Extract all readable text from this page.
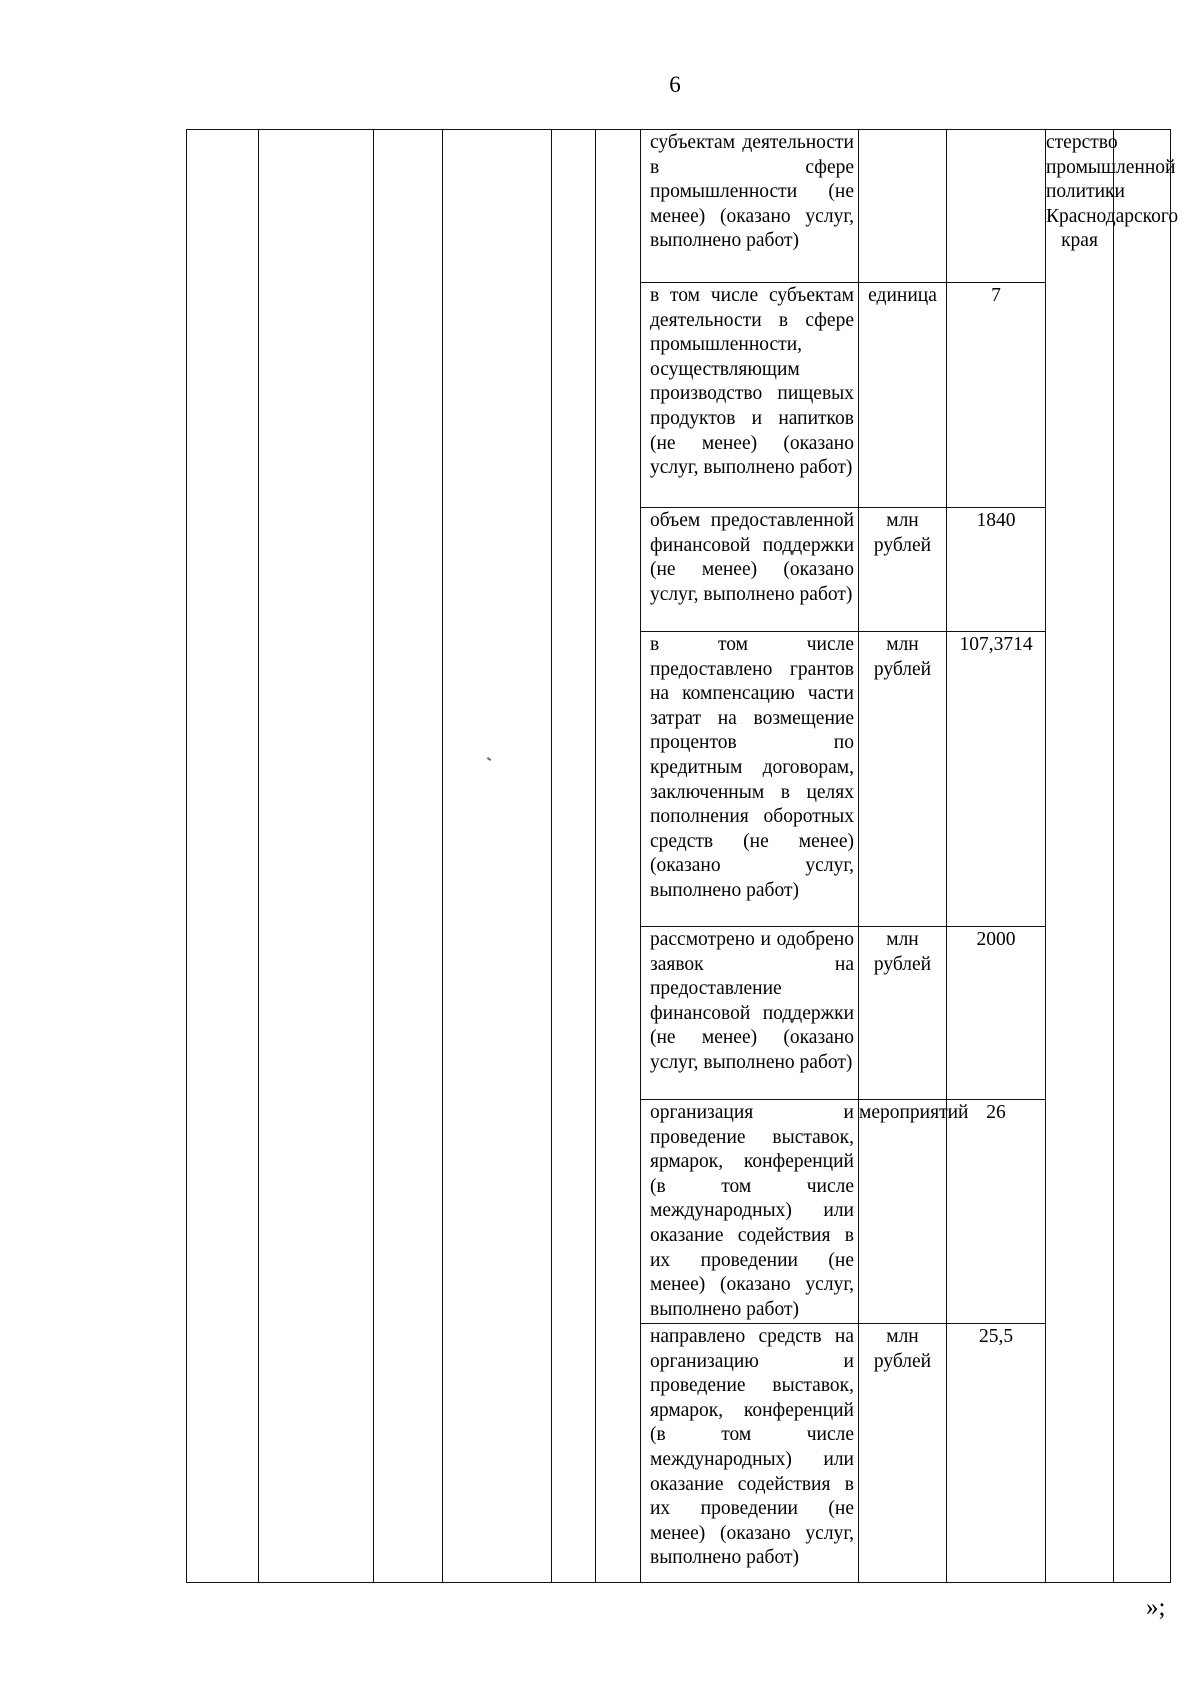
6
						субъектам деятельности в сфере промышленности (не менее) (оказано услуг, выполнено работ)			стерство промышленной политики Краснодарского края	
						в том числе субъектам деятельности в сфере промышленности, осуществляющим производство пищевых продуктов и напитков (не менее) (оказано услуг, выполнено работ)	единица	7		
						объем предоставленной финансовой поддержки (не менее) (оказано услуг, выполнено работ)	млн рублей	1840		
						в том числе предоставлено грантов на компенсацию части затрат на возмещение процентов по кредитным договорам, заключенным в целях пополнения оборотных средств (не менее) (оказано услуг, выполнено работ)	млн рублей	107,3714		
						рассмотрено и одобрено заявок на предоставление финансовой поддержки (не менее) (оказано услуг, выполнено работ)	млн рублей	2000		
						организация и проведение выставок, ярмарок, конференций (в том числе международных) или оказание содействия в их проведении (не менее) (оказано услуг, выполнено работ)	мероприятий	26		
						направлено средств на организацию и проведение выставок, ярмарок, конференций (в том числе международных) или оказание содействия в их проведении (не менее) (оказано услуг, выполнено работ)	млн рублей	25,5		
»;
